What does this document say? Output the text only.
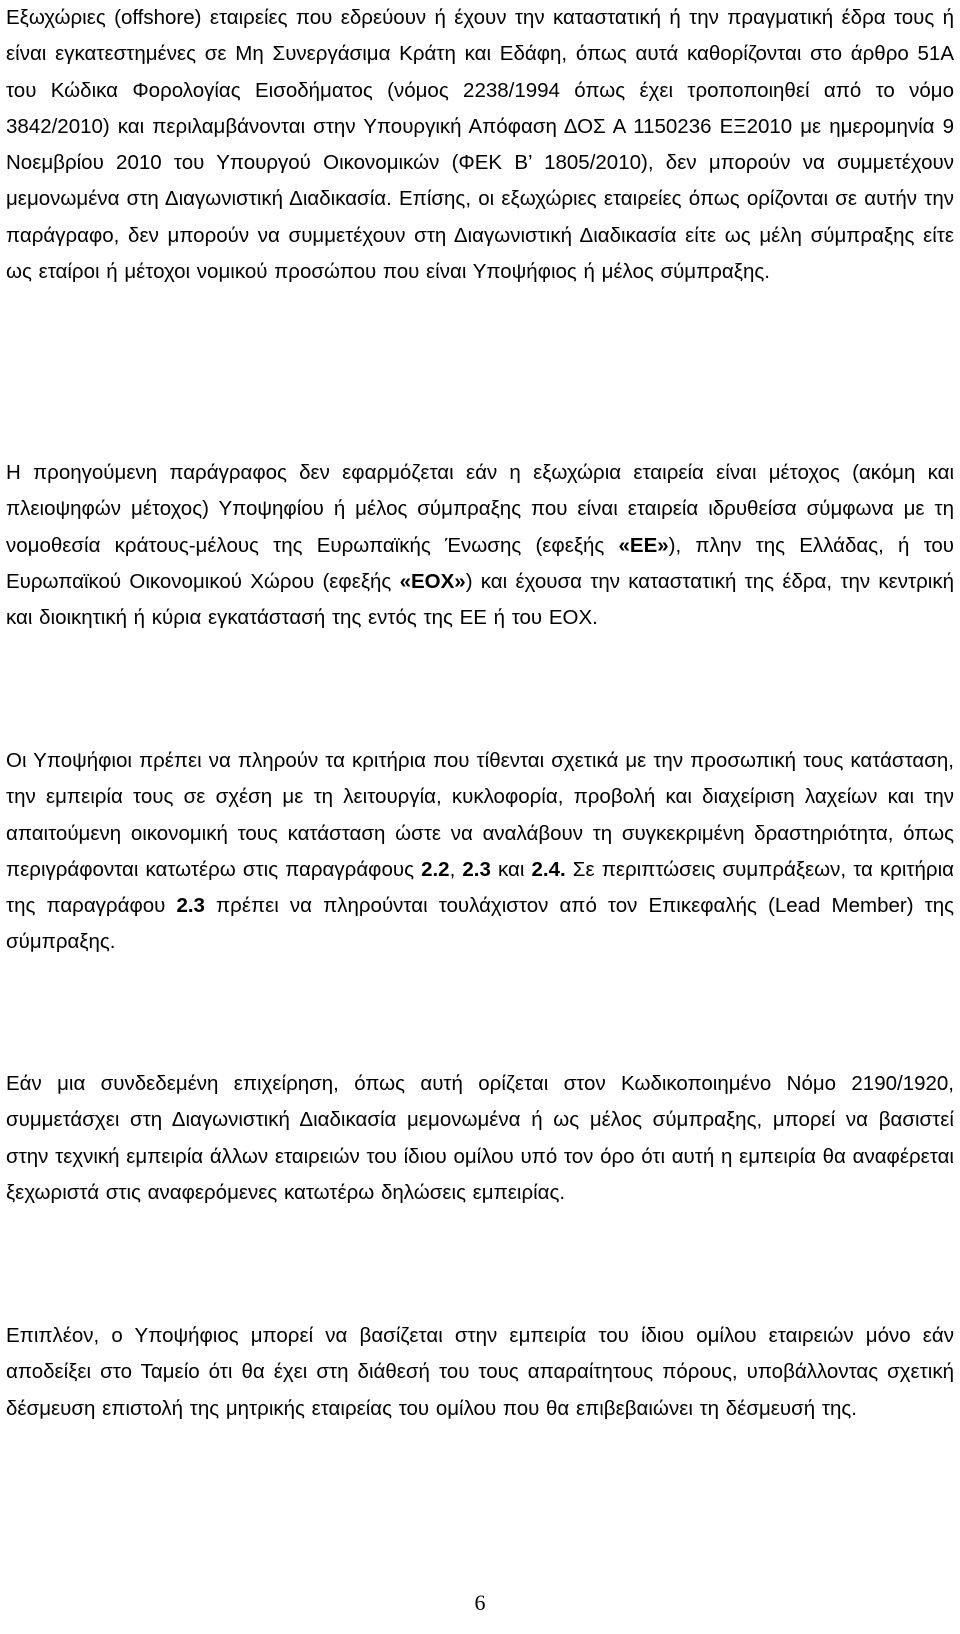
Εξωχώριες (offshore) εταιρείες που εδρεύουν ή έχουν την καταστατική ή την πραγματική έδρα τους ή είναι εγκατεστημένες σε Μη Συνεργάσιμα Κράτη και Εδάφη, όπως αυτά καθορίζονται στο άρθρο 51Α του Κώδικα Φορολογίας Εισοδήματος (νόμος 2238/1994 όπως έχει τροποποιηθεί από το νόμο 3842/2010) και περιλαμβάνονται στην Υπουργική Απόφαση ΔΟΣ Α 1150236 ΕΞ2010 με ημερομηνία 9 Νοεμβρίου 2010 του Υπουργού Οικονομικών (ΦΕΚ Β’ 1805/2010), δεν μπορούν να συμμετέχουν μεμονωμένα στη Διαγωνιστική Διαδικασία. Επίσης, οι εξωχώριες εταιρείες όπως ορίζονται σε αυτήν την παράγραφο, δεν μπορούν να συμμετέχουν στη Διαγωνιστική Διαδικασία είτε ως μέλη σύμπραξης είτε ως εταίροι ή μέτοχοι νομικού προσώπου που είναι Υποψήφιος ή μέλος σύμπραξης.

Η προηγούμενη παράγραφος δεν εφαρμόζεται εάν η εξωχώρια εταιρεία είναι μέτοχος (ακόμη και πλειοψηφών μέτοχος) Υποψηφίου ή μέλος σύμπραξης που είναι εταιρεία ιδρυθείσα σύμφωνα με τη νομοθεσία κράτους-μέλους της Ευρωπαϊκής Ένωσης (εφεξής «ΕΕ»), πλην της Ελλάδας, ή του Ευρωπαϊκού Οικονομικού Χώρου (εφεξής «ΕΟΧ») και έχουσα την καταστατική της έδρα, την κεντρική και διοικητική ή κύρια εγκατάστασή της εντός της ΕΕ ή του ΕΟΧ.

Οι Υποψήφιοι πρέπει να πληρούν τα κριτήρια που τίθενται σχετικά με την προσωπική τους κατάσταση, την εμπειρία τους σε σχέση με τη λειτουργία, κυκλοφορία, προβολή και διαχείριση λαχείων και την απαιτούμενη οικονομική τους κατάσταση ώστε να αναλάβουν τη συγκεκριμένη δραστηριότητα, όπως περιγράφονται κατωτέρω στις παραγράφους 2.2, 2.3 και 2.4. Σε περιπτώσεις συμπράξεων, τα κριτήρια της παραγράφου 2.3 πρέπει να πληρούνται τουλάχιστον από τον Επικεφαλής (Lead Member) της σύμπραξης.

Εάν μια συνδεδεμένη επιχείρηση, όπως αυτή ορίζεται στον Κωδικοποιημένο Νόμο 2190/1920, συμμετάσχει στη Διαγωνιστική Διαδικασία μεμονωμένα ή ως μέλος σύμπραξης, μπορεί να βασιστεί στην τεχνική εμπειρία άλλων εταιρειών του ίδιου ομίλου υπό τον όρο ότι αυτή η εμπειρία θα αναφέρεται ξεχωριστά στις αναφερόμενες κατωτέρω δηλώσεις εμπειρίας.

Επιπλέον, ο Υποψήφιος μπορεί να βασίζεται στην εμπειρία του ίδιου ομίλου εταιρειών μόνο εάν αποδείξει στο Ταμείο ότι θα έχει στη διάθεσή του τους απαραίτητους πόρους, υποβάλλοντας σχετική δέσμευση επιστολή της μητρικής εταιρείας του ομίλου που θα επιβεβαιώνει τη δέσμευσή της.

6
